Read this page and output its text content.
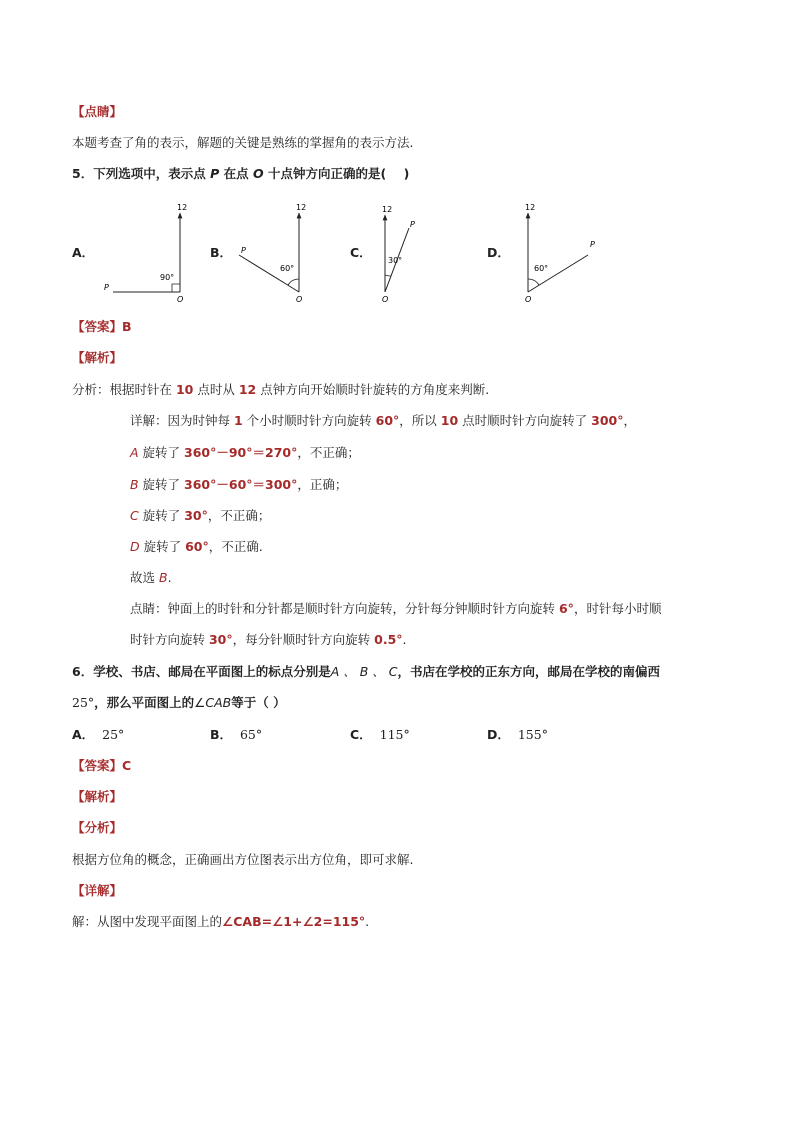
【点睛】
本题考查了角的表示，解题的关键是熟练的掌握角的表示方法.
5．下列选项中，表示点 P 在点 O 十点钟方向正确的是( )
A．	B．	C．	D．
12
90°
P
O
12
60°
P
O
12
30°
P
O
12
60°
P
O
【答案】B
【解析】
分析：根据时针在 10 点时从 12 点钟方向开始顺时针旋转的方角度来判断.
详解：因为时钟每 1 个小时顺时针方向旋转 60°，所以 10 点时顺时针方向旋转了 300°，
A 旋转了 360°－90°＝270°，不正确；
B 旋转了 360°－60°＝300°，正确；
C 旋转了 30°，不正确；
D 旋转了 60°，不正确.
故选 B.
点睛：钟面上的时针和分针都是顺时针方向旋转，分针每分钟顺时针方向旋转 6°，时针每小时顺
时针方向旋转 30°，每分针顺时针方向旋转 0.5°.
6．学校、书店、邮局在平面图上的标点分别是A 、 B 、 C，书店在学校的正东方向，邮局在学校的南偏西
25°，那么平面图上的∠CAB等于（ ）
A． 25°	B． 65°	C． 115°	D． 155°
【答案】C
【解析】
【分析】
根据方位角的概念，正确画出方位图表示出方位角，即可求解.
【详解】
解：从图中发现平面图上的∠CAB=∠1+∠2=115°.
